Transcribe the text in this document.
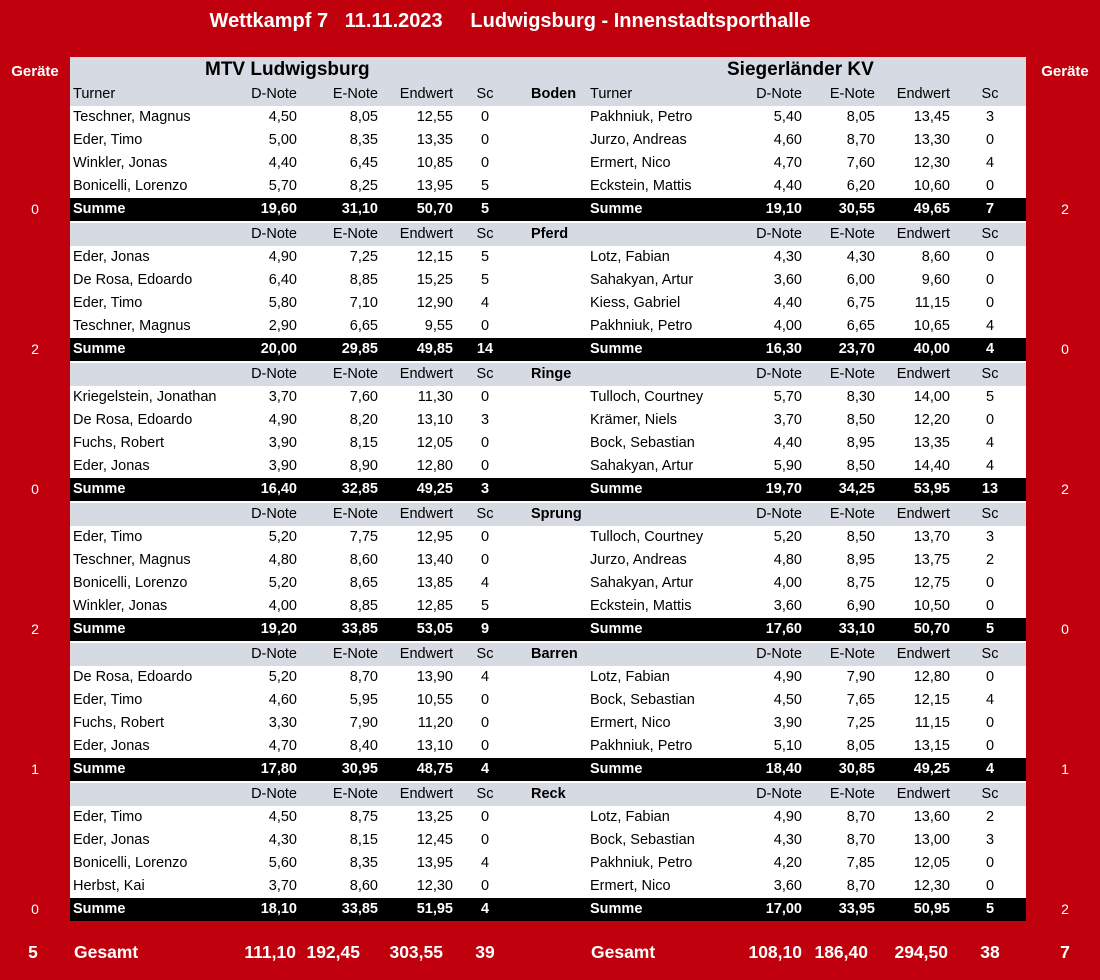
Wettkampf 7   11.11.2023     Ludwigsburg - Innenstadtsporthalle
Geräte	Geräte
MTV Ludwigsburg	Siegerländer KV
Turner	D-Note	E-Note	Endwert	Sc	Boden Turner	D-Note	E-Note	Endwert	Sc
Teschner, Magnus	4,50	8,05	12,55	0	Pakhniuk, Petro	5,40	8,05	13,45	3
Eder, Timo	5,00	8,35	13,35	0	Jurzo, Andreas	4,60	8,70	13,30	0
Winkler, Jonas	4,40	6,45	10,85	0	Ermert, Nico	4,70	7,60	12,30	4
Bonicelli, Lorenzo	5,70	8,25	13,95	5	Eckstein, Mattis	4,40	6,20	10,60	0
Summe	19,60	31,10	50,70	5	Summe	19,10	30,55	49,65	7
D-Note	E-Note	Endwert	Sc	Pferd	D-Note	E-Note	Endwert	Sc
Eder, Jonas	4,90	7,25	12,15	5	Lotz, Fabian	4,30	4,30	8,60	0
De Rosa, Edoardo	6,40	8,85	15,25	5	Sahakyan, Artur	3,60	6,00	9,60	0
Eder, Timo	5,80	7,10	12,90	4	Kiess, Gabriel	4,40	6,75	11,15	0
Teschner, Magnus	2,90	6,65	9,55	0	Pakhniuk, Petro	4,00	6,65	10,65	4
Summe	20,00	29,85	49,85	14	Summe	16,30	23,70	40,00	4
D-Note	E-Note	Endwert	Sc	Ringe	D-Note	E-Note	Endwert	Sc
Kriegelstein, Jonathan	3,70	7,60	11,30	0	Tulloch, Courtney	5,70	8,30	14,00	5
De Rosa, Edoardo	4,90	8,20	13,10	3	Krämer, Niels	3,70	8,50	12,20	0
Fuchs, Robert	3,90	8,15	12,05	0	Bock, Sebastian	4,40	8,95	13,35	4
Eder, Jonas	3,90	8,90	12,80	0	Sahakyan, Artur	5,90	8,50	14,40	4
Summe	16,40	32,85	49,25	3	Summe	19,70	34,25	53,95	13
D-Note	E-Note	Endwert	Sc	Sprung	D-Note	E-Note	Endwert	Sc
Eder, Timo	5,20	7,75	12,95	0	Tulloch, Courtney	5,20	8,50	13,70	3
Teschner, Magnus	4,80	8,60	13,40	0	Jurzo, Andreas	4,80	8,95	13,75	2
Bonicelli, Lorenzo	5,20	8,65	13,85	4	Sahakyan, Artur	4,00	8,75	12,75	0
Winkler, Jonas	4,00	8,85	12,85	5	Eckstein, Mattis	3,60	6,90	10,50	0
Summe	19,20	33,85	53,05	9	Summe	17,60	33,10	50,70	5
D-Note	E-Note	Endwert	Sc	Barren	D-Note	E-Note	Endwert	Sc
De Rosa, Edoardo	5,20	8,70	13,90	4	Lotz, Fabian	4,90	7,90	12,80	0
Eder, Timo	4,60	5,95	10,55	0	Bock, Sebastian	4,50	7,65	12,15	4
Fuchs, Robert	3,30	7,90	11,20	0	Ermert, Nico	3,90	7,25	11,15	0
Eder, Jonas	4,70	8,40	13,10	0	Pakhniuk, Petro	5,10	8,05	13,15	0
Summe	17,80	30,95	48,75	4	Summe	18,40	30,85	49,25	4
D-Note	E-Note	Endwert	Sc	Reck	D-Note	E-Note	Endwert	Sc
Eder, Timo	4,50	8,75	13,25	0	Lotz, Fabian	4,90	8,70	13,60	2
Eder, Jonas	4,30	8,15	12,45	0	Bock, Sebastian	4,30	8,70	13,00	3
Bonicelli, Lorenzo	5,60	8,35	13,95	4	Pakhniuk, Petro	4,20	7,85	12,05	0
Herbst, Kai	3,70	8,60	12,30	0	Ermert, Nico	3,60	8,70	12,30	0
Summe	18,10	33,85	51,95	4	Summe	17,00	33,95	50,95	5
0	2
2	0
0	2
2	0
1	1
0	2
5	Gesamt	111,10 192,45	303,55	39	Gesamt	108,10 186,40	294,50	38	7
